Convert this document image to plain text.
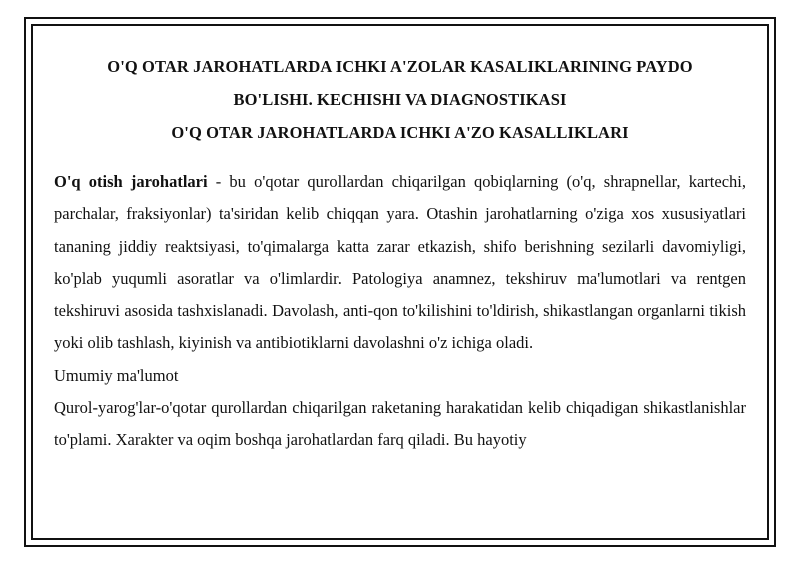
O'Q OTAR JAROHATLARDA ICHKI A'ZOLAR KASALIKLARINING PAYDO

BO'LISHI. KECHISHI VA DIAGNOSTIKASI

O'Q OTAR JAROHATLARDA ICHKI A'ZO KASALLIKLARI

O'q otish jarohatlari - bu o'qotar qurollardan chiqarilgan qobiqlarning (o'q, shrapnellar, kartechi, parchalar, fraksiyonlar) ta'siridan kelib chiqqan yara. Otashin jarohatlarning o'ziga xos xususiyatlari tananing jiddiy reaktsiyasi, to'qimalarga katta zarar etkazish, shifo berishning sezilarli davomiyligi, ko'plab yuqumli asoratlar va o'limlardir. Patologiya anamnez, tekshiruv ma'lumotlari va rentgen tekshiruvi asosida tashxislanadi. Davolash, anti-qon to'kilishini to'ldirish, shikastlangan organlarni tikish yoki olib tashlash, kiyinish va antibiotiklarni davolashni o'z ichiga oladi.

Umumiy ma'lumot

Qurol-yarog'lar-o'qotar qurollardan chiqarilgan raketaning harakatidan kelib chiqadigan shikastlanishlar to'plami. Xarakter va oqim boshqa jarohatlardan farq qiladi. Bu hayotiy
